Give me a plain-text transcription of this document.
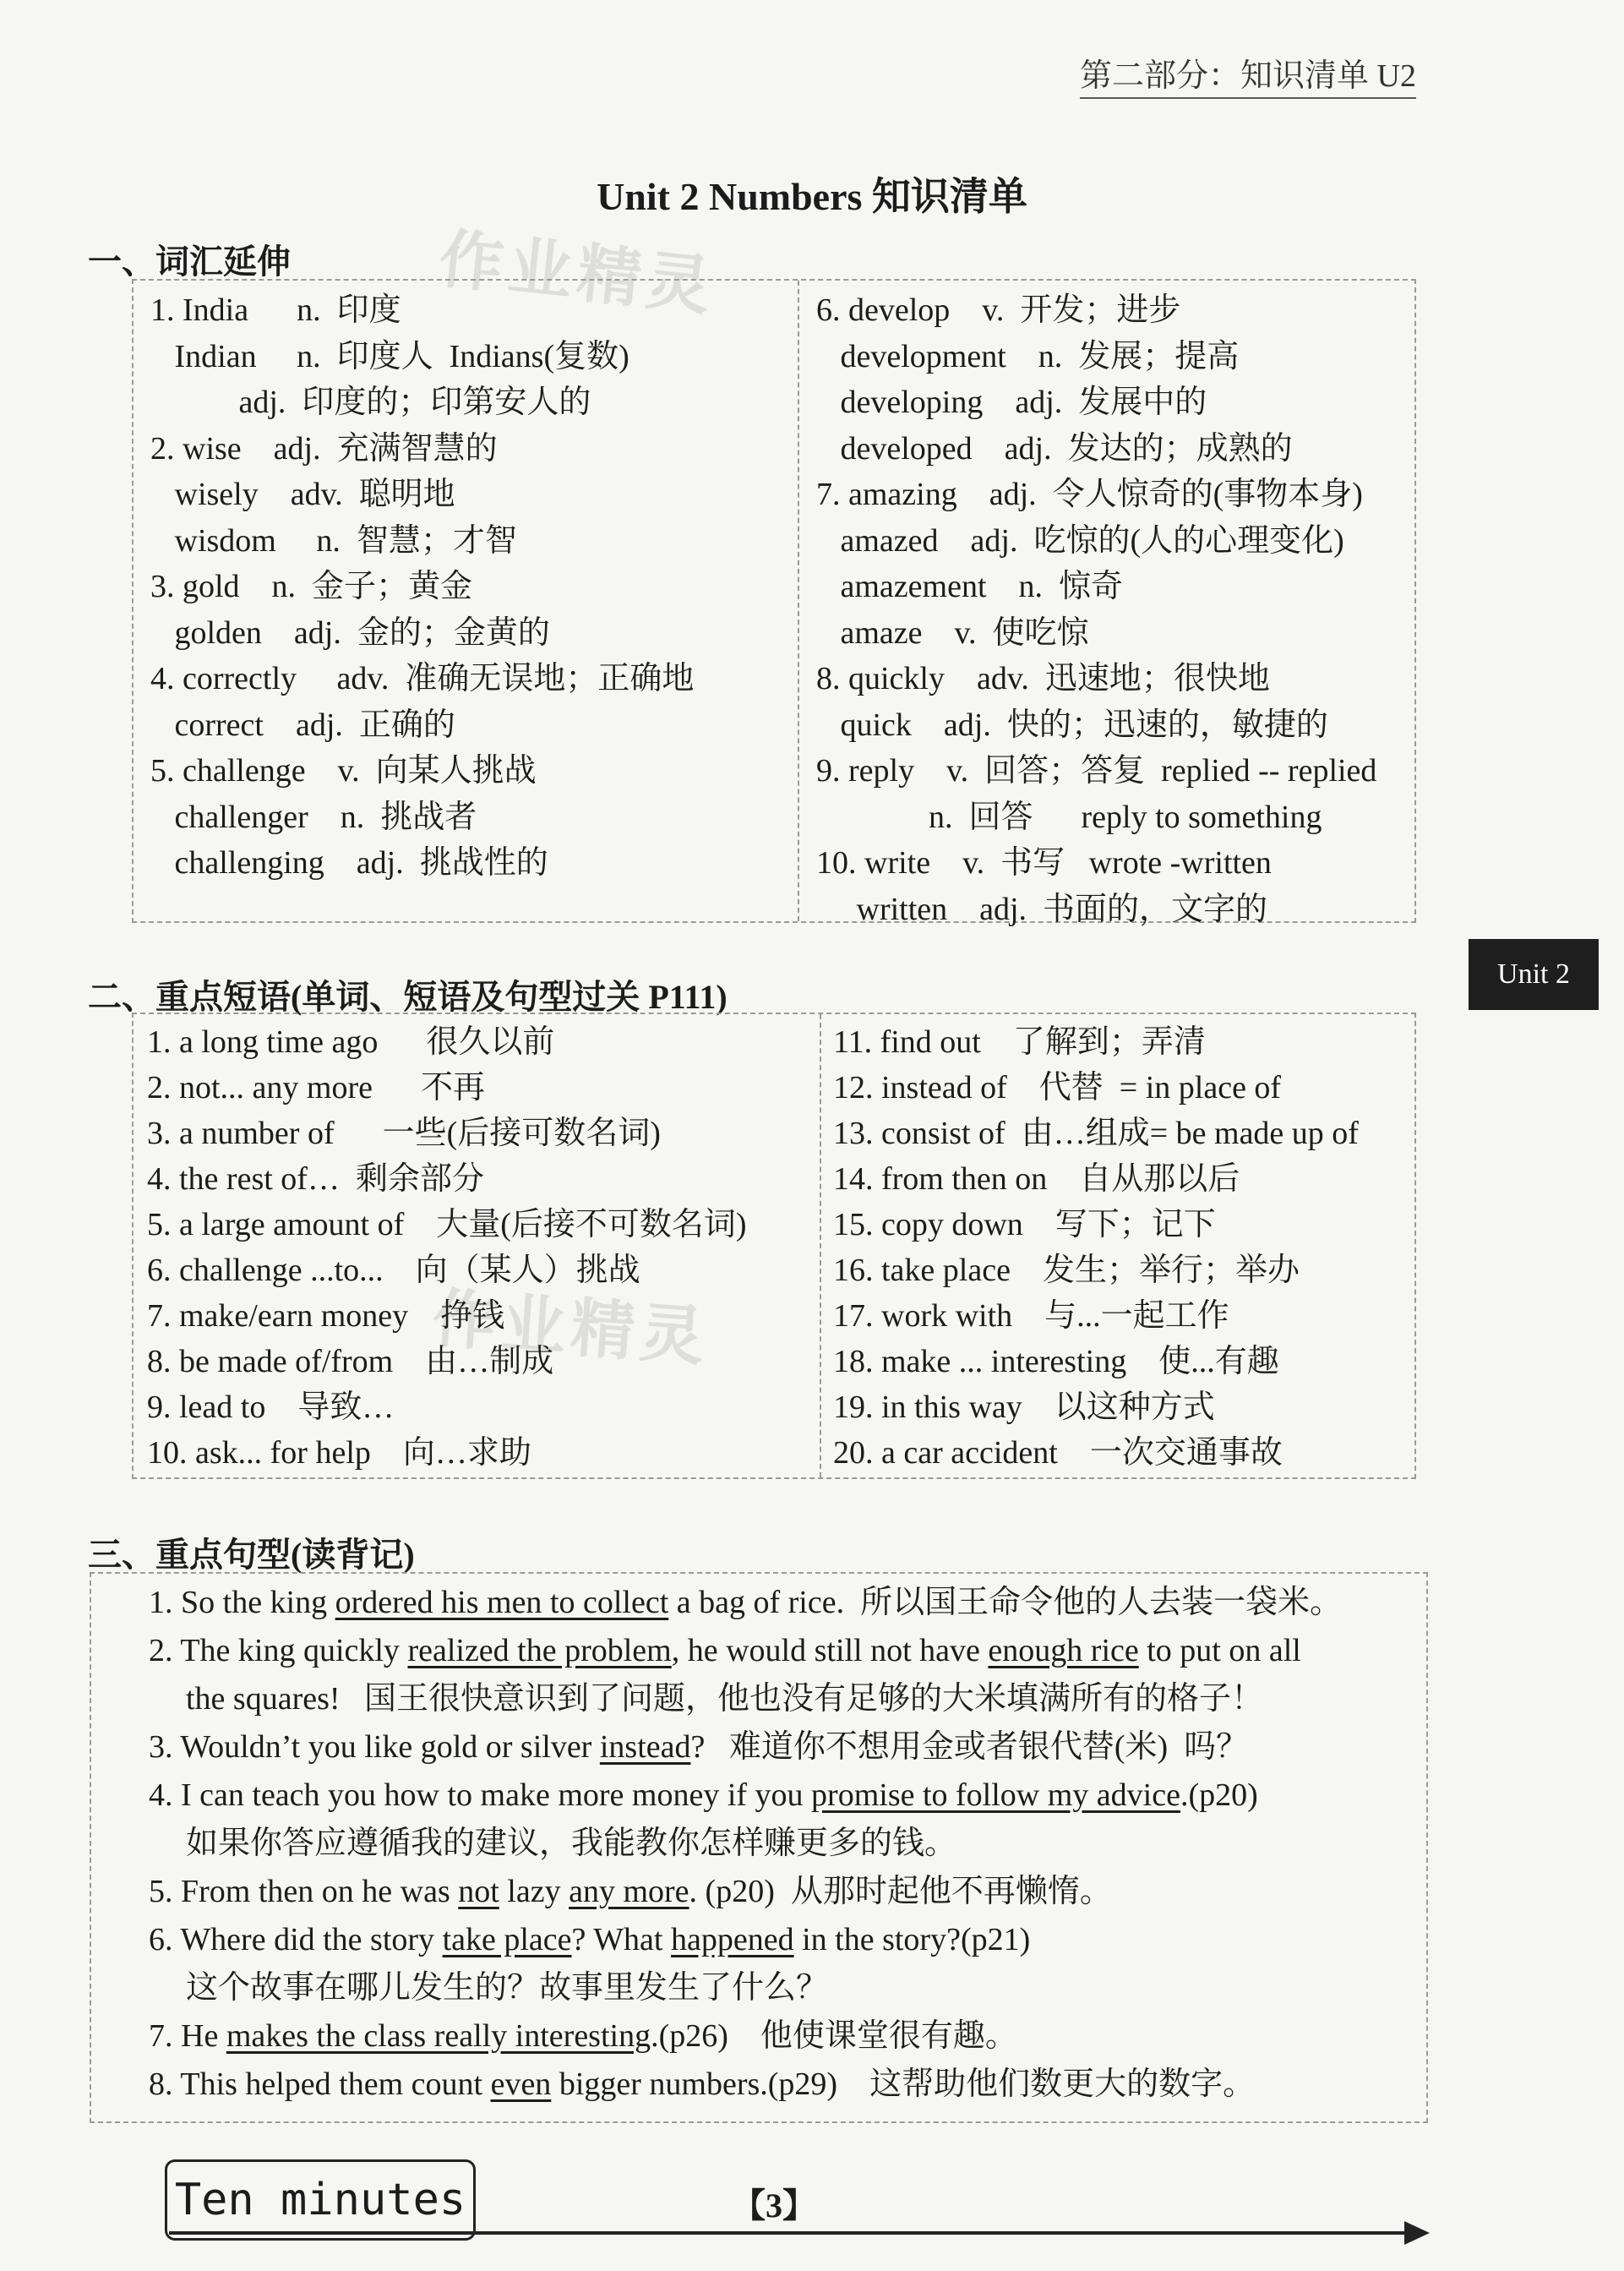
第二部分：知识清单 U2
Unit 2 Numbers 知识清单
作业精灵
作业精灵
一、词汇延伸
1. India      n.  印度
Indian     n.  印度人  Indians(复数)
adj.  印度的；印第安人的
2. wise    adj.  充满智慧的
wisely    adv.  聪明地
wisdom     n.  智慧；才智
3. gold    n.  金子；黄金
golden    adj.  金的；金黄的
4. correctly     adv.  准确无误地；正确地
correct    adj.  正确的
5. challenge    v.  向某人挑战
challenger    n.  挑战者
challenging    adj.  挑战性的
6. develop    v.  开发；进步
development    n.  发展；提高
developing    adj.  发展中的
developed    adj.  发达的；成熟的
7. amazing    adj.  令人惊奇的(事物本身)
amazed    adj.  吃惊的(人的心理变化)
amazement    n.  惊奇
amaze    v.  使吃惊
8. quickly    adv.  迅速地；很快地
quick    adj.  快的；迅速的，敏捷的
9. reply    v.  回答；答复  replied -- replied
n.  回答      reply to something
10. write    v.  书写   wrote -written
written    adj.  书面的，文字的
Unit 2
二、重点短语(单词、短语及句型过关 P111)
1. a long time ago      很久以前
2. not... any more      不再
3. a number of      一些(后接可数名词)
4. the rest of…  剩余部分
5. a large amount of    大量(后接不可数名词)
6. challenge ...to...    向（某人）挑战
7. make/earn money    挣钱
8. be made of/from    由…制成
9. lead to    导致…
10. ask... for help    向…求助
11. find out    了解到；弄清
12. instead of    代替  = in place of
13. consist of  由…组成= be made up of
14. from then on    自从那以后
15. copy down    写下；记下
16. take place    发生；举行；举办
17. work with    与...一起工作
18. make ... interesting    使...有趣
19. in this way    以这种方式
20. a car accident    一次交通事故
三、重点句型(读背记)
1. So the king ordered his men to collect a bag of rice.  所以国王命令他的人去装一袋米。
2. The king quickly realized the problem, he would still not have enough rice to put on all
the squares!   国王很快意识到了问题，他也没有足够的大米填满所有的格子！
3. Wouldn’t you like gold or silver instead?   难道你不想用金或者银代替(米)  吗？
4. I can teach you how to make more money if you promise to follow my advice.(p20)
如果你答应遵循我的建议，我能教你怎样赚更多的钱。
5. From then on he was not lazy any more. (p20)  从那时起他不再懒惰。
6. Where did the story take place? What happened in the story?(p21)
这个故事在哪儿发生的？故事里发生了什么？
7. He makes the class really interesting.(p26)    他使课堂很有趣。
8. This helped them count even bigger numbers.(p29)    这帮助他们数更大的数字。
Ten minutes	【3】
